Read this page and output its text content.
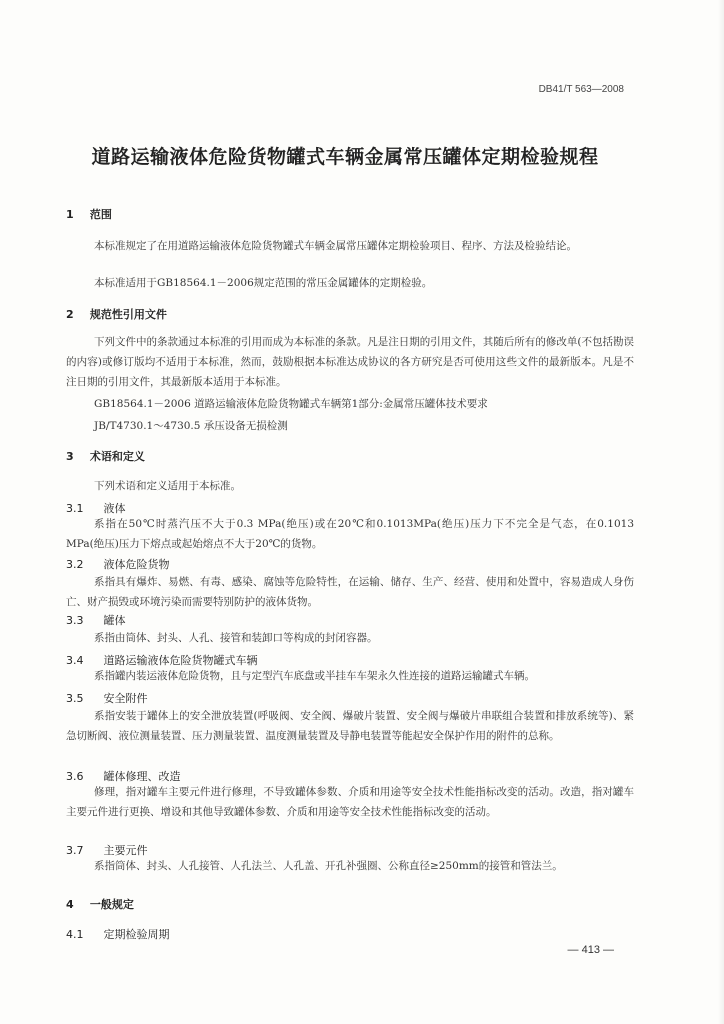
DB41/T 563—2008
道路运输液体危险货物罐式车辆金属常压罐体定期检验规程
1 范围
本标准规定了在用道路运输液体危险货物罐式车辆金属常压罐体定期检验项目、程序、方法及检验结论。
本标准适用于GB18564.1－2006规定范围的常压金属罐体的定期检验。
2 规范性引用文件
下列文件中的条款通过本标准的引用而成为本标准的条款。凡是注日期的引用文件，其随后所有的修改单(不包括勘误的内容)或修订版均不适用于本标准，然而，鼓励根据本标准达成协议的各方研究是否可使用这些文件的最新版本。凡是不注日期的引用文件，其最新版本适用于本标准。
GB18564.1－2006 道路运输液体危险货物罐式车辆第1部分:金属常压罐体技术要求
JB/T4730.1～4730.5 承压设备无损检测
3 术语和定义
下列术语和定义适用于本标准。
3.1 液体
系指在50℃时蒸汽压不大于0.3 MPa(绝压)或在20℃和0.1013MPa(绝压)压力下不完全是气态，在0.1013 MPa(绝压)压力下熔点或起始熔点不大于20℃的货物。
3.2 液体危险货物
系指具有爆炸、易燃、有毒、感染、腐蚀等危险特性，在运输、储存、生产、经营、使用和处置中，容易造成人身伤亡、财产损毁或环境污染而需要特别防护的液体货物。
3.3 罐体
系指由筒体、封头、人孔、接管和装卸口等构成的封闭容器。
3.4 道路运输液体危险货物罐式车辆
系指罐内装运液体危险货物，且与定型汽车底盘或半挂车车架永久性连接的道路运输罐式车辆。
3.5 安全附件
系指安装于罐体上的安全泄放装置(呼吸阀、安全阀、爆破片装置、安全阀与爆破片串联组合装置和排放系统等)、紧急切断阀、液位测量装置、压力测量装置、温度测量装置及导静电装置等能起安全保护作用的附件的总称。
3.6 罐体修理、改造
修理，指对罐车主要元件进行修理，不导致罐体参数、介质和用途等安全技术性能指标改变的活动。改造，指对罐车主要元件进行更换、增设和其他导致罐体参数、介质和用途等安全技术性能指标改变的活动。
3.7 主要元件
系指筒体、封头、人孔接管、人孔法兰、人孔盖、开孔补强圈、公称直径≥250mm的接管和管法兰。
4 一般规定
4.1 定期检验周期
— 413 —
